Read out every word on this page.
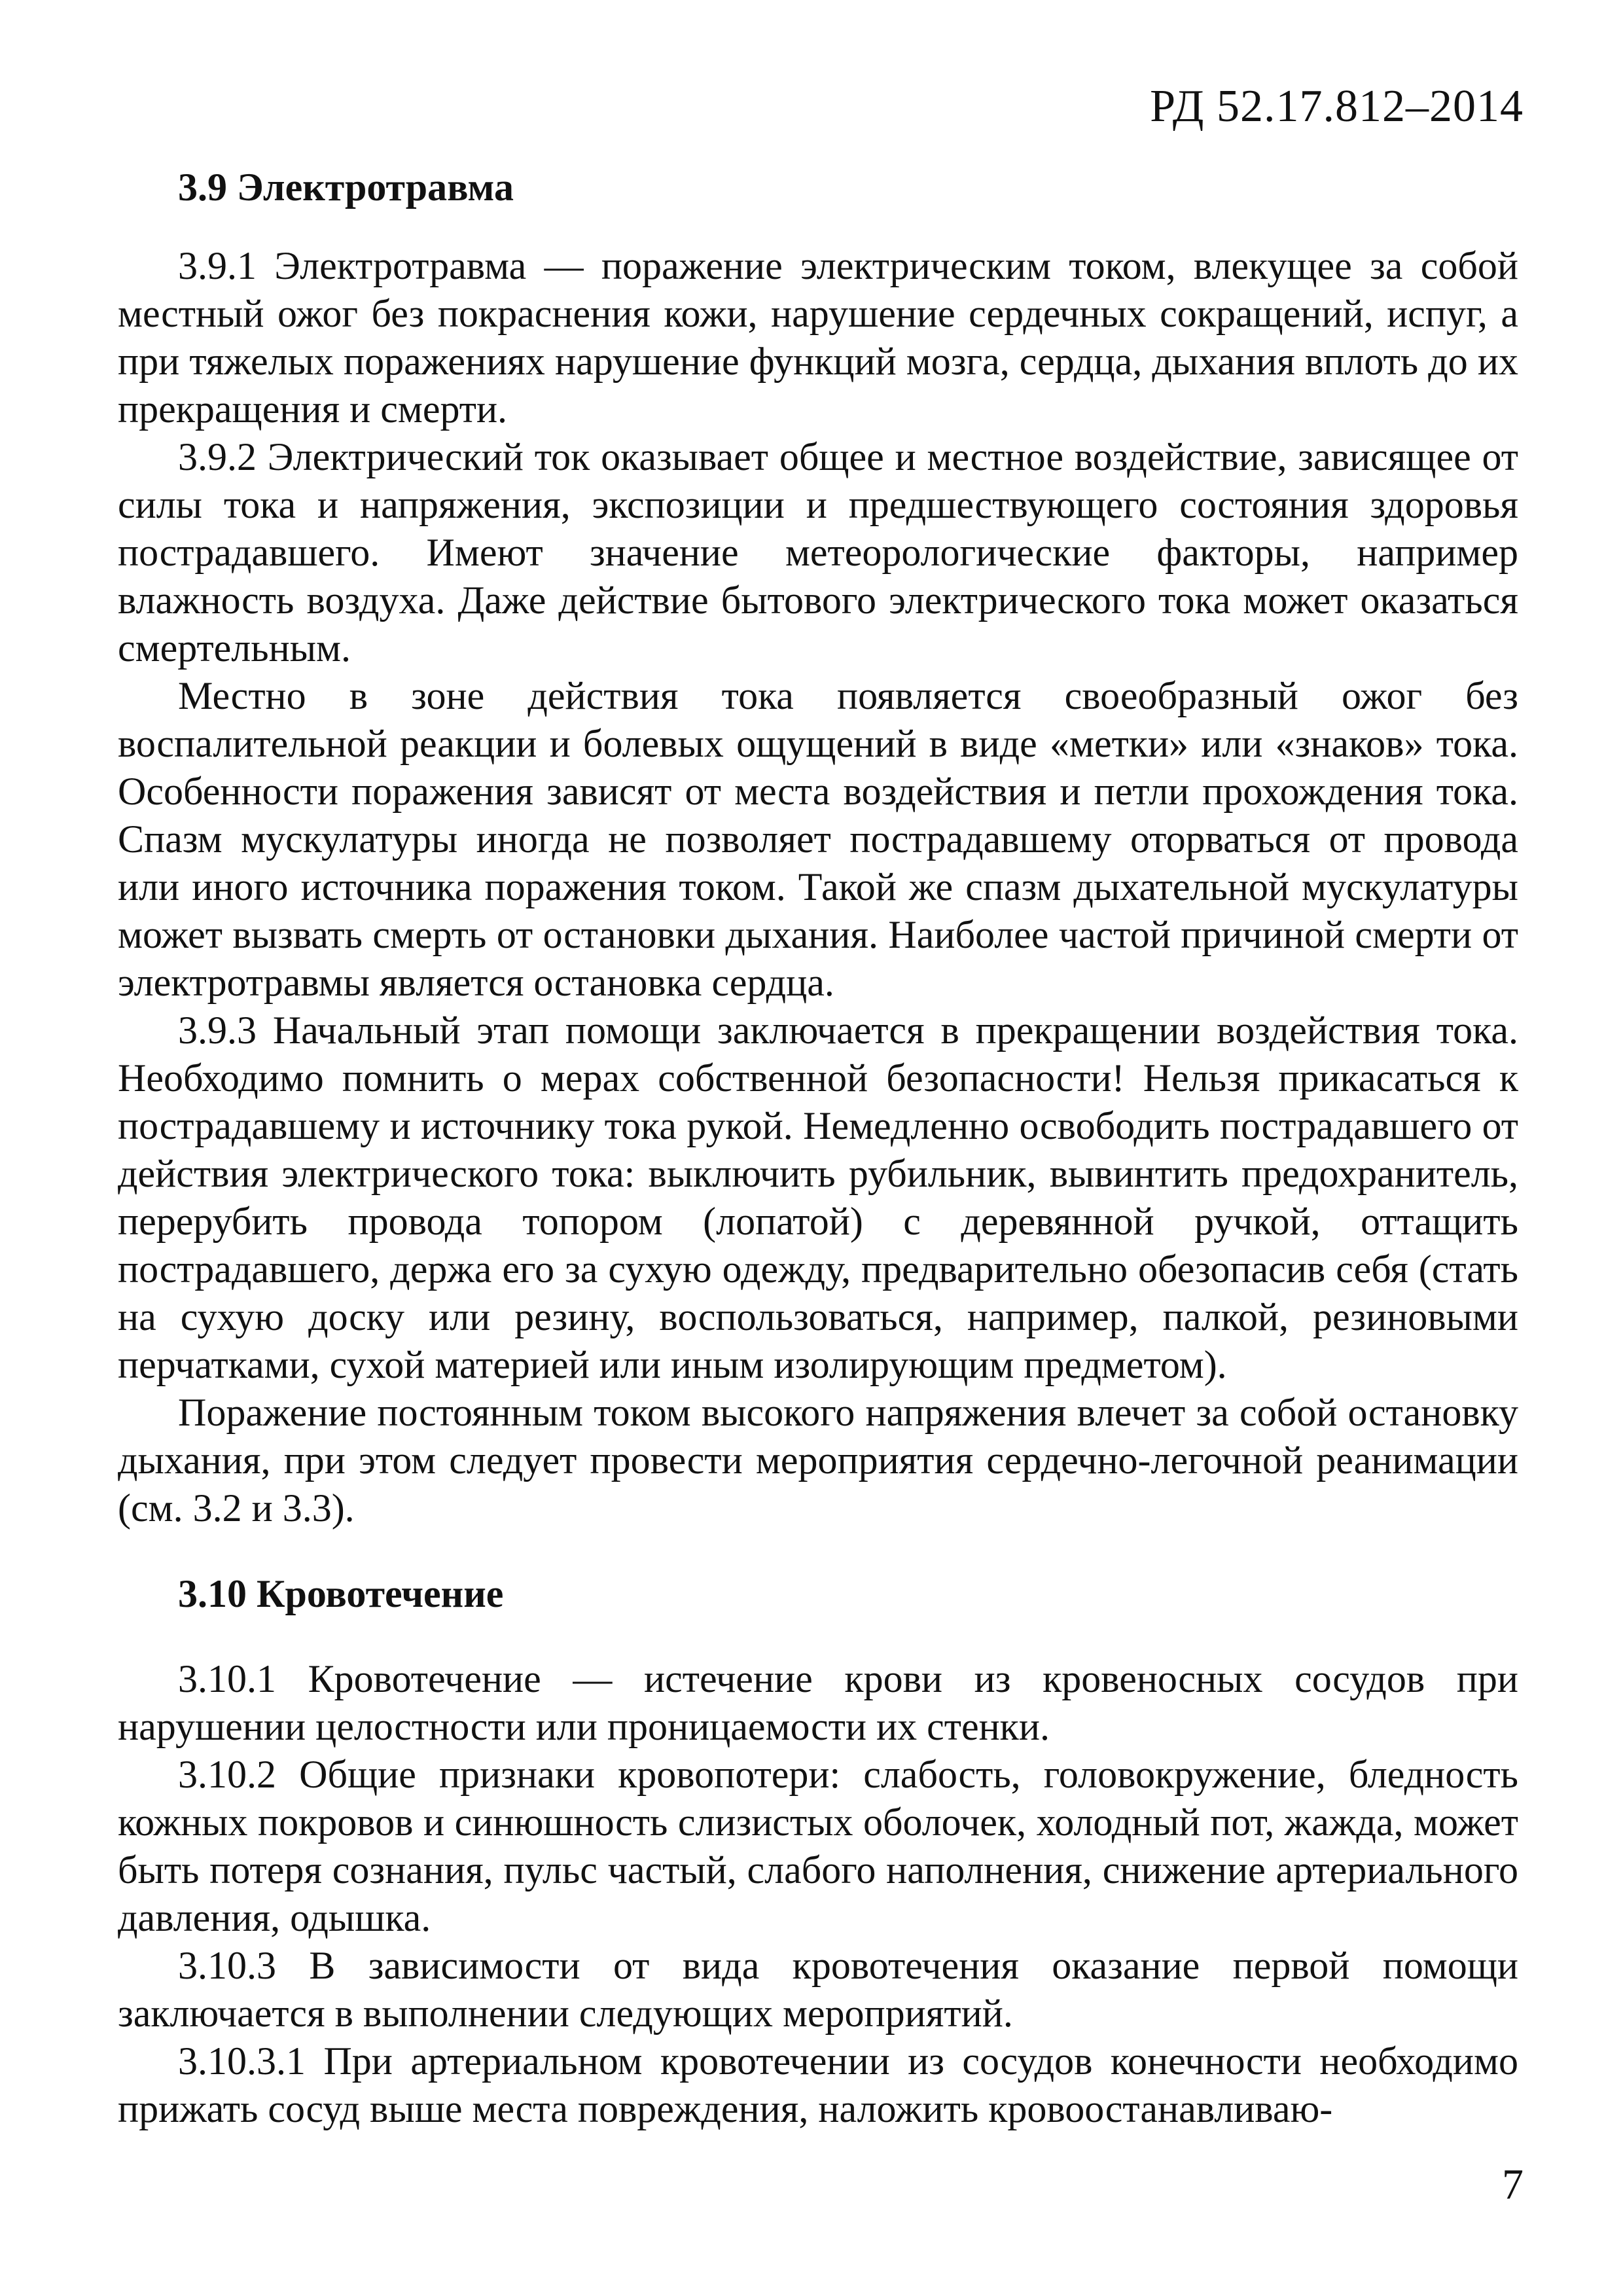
РД 52.17.812–2014
3.9 Электротравма

3.9.1 Электротравма — поражение электрическим током, влекущее за собой местный ожог без покраснения кожи, нарушение сердечных сокращений, испуг, а при тяжелых поражениях нарушение функций мозга, сердца, дыхания вплоть до их прекращения и смерти.

3.9.2 Электрический ток оказывает общее и местное воздействие, зависящее от силы тока и напряжения, экспозиции и предшествующего состояния здоровья пострадавшего. Имеют значение метеорологические факторы, например влажность воздуха. Даже действие бытового электрического тока может оказаться смертельным.

Местно в зоне действия тока появляется своеобразный ожог без воспалительной реакции и болевых ощущений в виде «метки» или «знаков» тока. Особенности поражения зависят от места воздействия и петли прохождения тока. Спазм мускулатуры иногда не позволяет пострадавшему оторваться от провода или иного источника поражения током. Такой же спазм дыхательной мускулатуры может вызвать смерть от остановки дыхания. Наиболее частой причиной смерти от электротравмы является остановка сердца.

3.9.3 Начальный этап помощи заключается в прекращении воздействия тока. Необходимо помнить о мерах собственной безопасности! Нельзя прикасаться к пострадавшему и источнику тока рукой. Немедленно освободить пострадавшего от действия электрического тока: выключить рубильник, вывинтить предохранитель, перерубить провода топором (лопатой) с деревянной ручкой, оттащить пострадавшего, держа его за сухую одежду, предварительно обезопасив себя (стать на сухую доску или резину, воспользоваться, например, палкой, резиновыми перчатками, сухой материей или иным изолирующим предметом).

Поражение постоянным током высокого напряжения влечет за собой остановку дыхания, при этом следует провести мероприятия сердечно-легочной реанимации (см. 3.2 и 3.3).

3.10 Кровотечение

3.10.1 Кровотечение — истечение крови из кровеносных сосудов при нарушении целостности или проницаемости их стенки.

3.10.2 Общие признаки кровопотери: слабость, головокружение, бледность кожных покровов и синюшность слизистых оболочек, холодный пот, жажда, может быть потеря сознания, пульс частый, слабого наполнения, снижение артериального давления, одышка.

3.10.3 В зависимости от вида кровотечения оказание первой помощи заключается в выполнении следующих мероприятий.

3.10.3.1 При артериальном кровотечении из сосудов конечности необходимо прижать сосуд выше места повреждения, наложить кровоостанавливаю-

7
